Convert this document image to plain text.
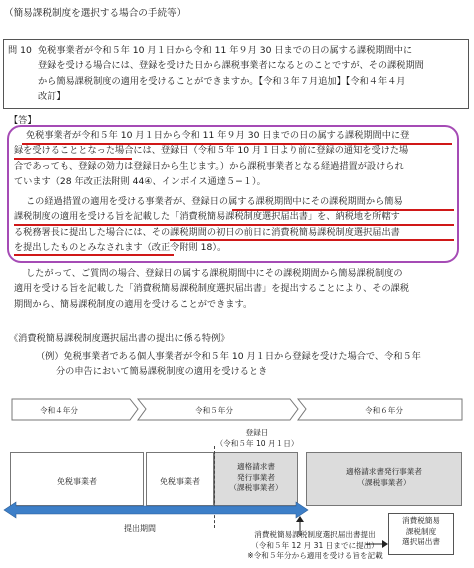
（簡易課税制度を選択する場合の手続等）
問 10 免税事業者が令和５年 10 月１日から令和 11 年９月 30 日までの日の属する課税期間中に
登録を受ける場合には、登録を受けた日から課税事業者になるとのことですが、その課税期間
から簡易課税制度の適用を受けることができますか。【令和３年７月追加】【令和４年４月
改訂】
【答】
免税事業者が令和５年 10 月１日から令和 11 年９月 30 日までの日の属する課税期間中に登
録を受けることとなった場合には、登録日（令和５年 10 月１日より前に登録の通知を受けた場
合であっても、登録の効力は登録日から生じます。）から課税事業者となる経過措置が設けられ
ています（28 年改正法附則 44④、インボイス通達５−１）。
この経過措置の適用を受ける事業者が、登録日の属する課税期間中にその課税期間から簡易
課税制度の適用を受ける旨を記載した「消費税簡易課税制度選択届出書」を、納税地を所轄す
る税務署長に提出した場合には、その課税期間の初日の前日に消費税簡易課税制度選択届出書
を提出したものとみなされます（改正令附則 18）。
したがって、ご質問の場合、登録日の属する課税期間中にその課税期間から簡易課税制度の
適用を受ける旨を記載した「消費税簡易課税制度選択届出書」を提出することにより、その課税
期間から、簡易課税制度の適用を受けることができます。
《消費税簡易課税制度選択届出書の提出に係る特例》
（例）免税事業者である個人事業者が令和５年 10 月１日から登録を受けた場合で、令和５年
分の申告において簡易課税制度の適用を受けるとき
令和４年分	令和５年分	令和６年分
登録日
（令和５年 10 月１日）
免税事業者	免税事業者
適格請求書
発行事業者
（課税事業者）
適格請求書発行事業者
（課税事業者）
提出期間
消費税簡易
課税制度
選択届出書
消費税簡易課税制度選択届出書提出
（令和５年 12 月 31 日までに提出）
※令和５年分から適用を受ける旨を記載
